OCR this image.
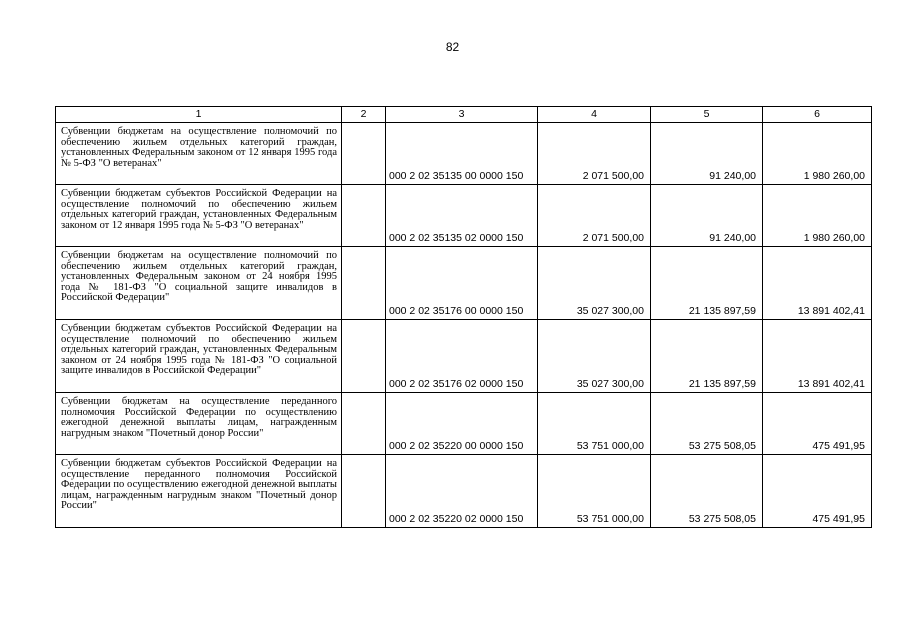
82
1	2	3	4	5	6
Субвенции бюджетам на осуществление полномочий по обеспечению жильем отдельных категорий граждан, установленных Федеральным законом от 12 января 1995 года № 5-ФЗ "О ветеранах"		000 2 02 35135 00 0000 150	2 071 500,00	91 240,00	1 980 260,00
Субвенции бюджетам субъектов Российской Федерации на осуществление полномочий по обеспечению жильем отдельных категорий граждан, установленных Федеральным законом от 12 января 1995 года № 5-ФЗ "О ветеранах"		000 2 02 35135 02 0000 150	2 071 500,00	91 240,00	1 980 260,00
Субвенции бюджетам на осуществление полномочий по обеспечению жильем отдельных категорий граждан, установленных Федеральным законом от 24 ноября 1995 года № 181-ФЗ "О социальной защите инвалидов в Российской Федерации"		000 2 02 35176 00 0000 150	35 027 300,00	21 135 897,59	13 891 402,41
Субвенции бюджетам субъектов Российской Федерации на осуществление полномочий по обеспечению жильем отдельных категорий граждан, установленных Федеральным законом от 24 ноября 1995 года № 181-ФЗ "О социальной защите инвалидов в Российской Федерации"		000 2 02 35176 02 0000 150	35 027 300,00	21 135 897,59	13 891 402,41
Субвенции бюджетам на осуществление переданного полномочия Российской Федерации по осуществлению ежегодной денежной выплаты лицам, награжденным нагрудным знаком "Почетный донор России"		000 2 02 35220 00 0000 150	53 751 000,00	53 275 508,05	475 491,95
Субвенции бюджетам субъектов Российской Федерации на осуществление переданного полномочия Российской Федерации по осуществлению ежегодной денежной выплаты лицам, награжденным нагрудным знаком "Почетный донор России"		000 2 02 35220 02 0000 150	53 751 000,00	53 275 508,05	475 491,95
